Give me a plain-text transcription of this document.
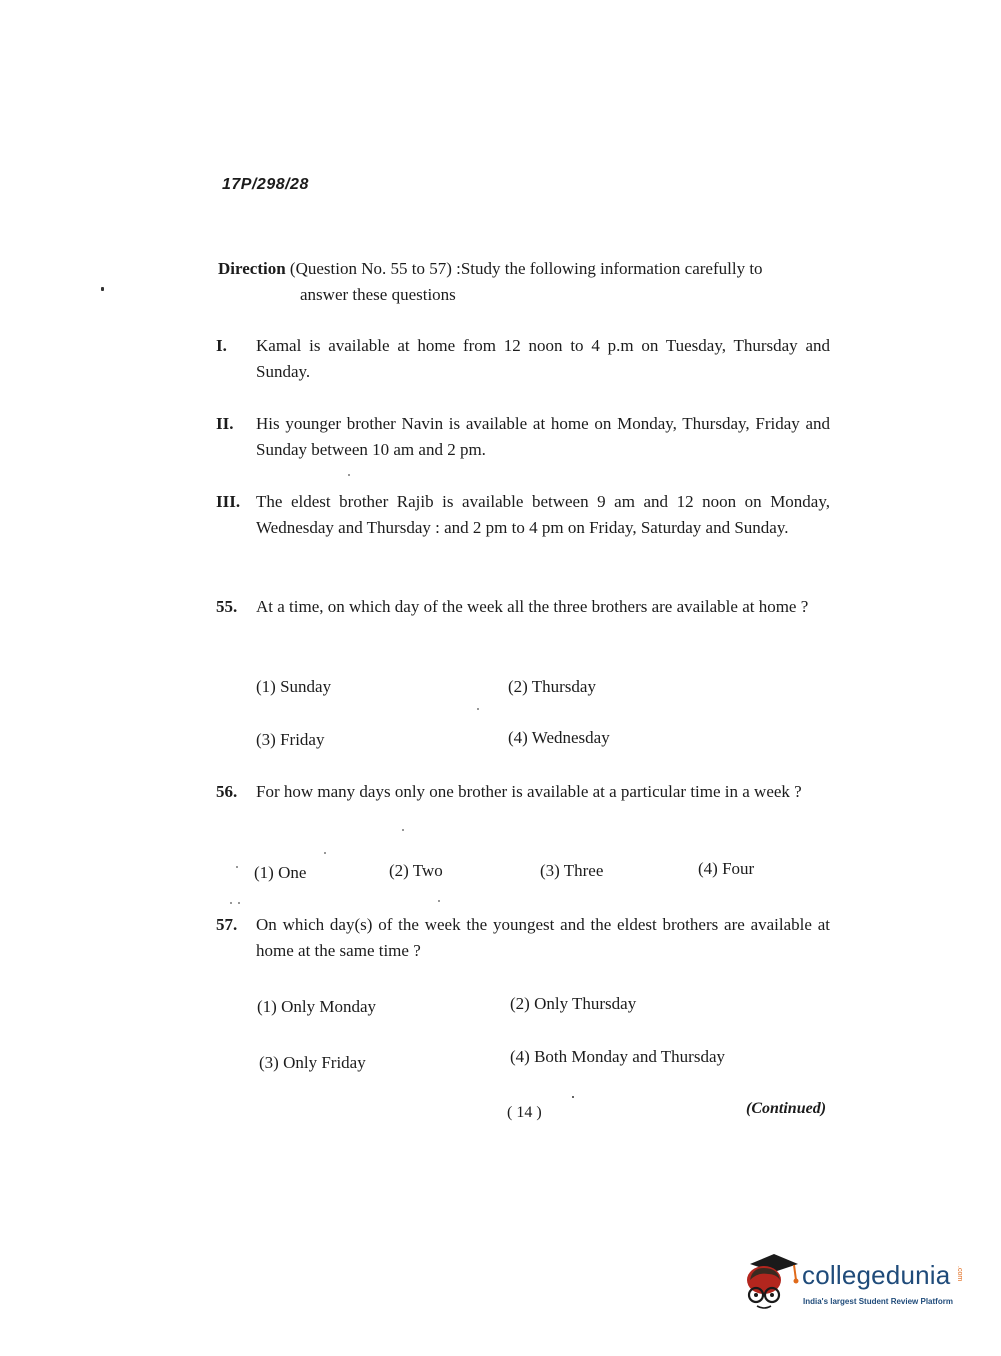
17P/298/28
Direction (Question No. 55 to 57) :Study the following information carefully to
answer these questions
I.	Kamal is available at home from 12 noon to 4 p.m on Tuesday, Thursday and Sunday.
II.	His younger brother Navin is available at home on Monday, Thursday, Friday and Sunday between 10 am and 2 pm.
III. The eldest brother Rajib is available between 9 am and 12 noon on Monday, Wednesday and Thursday : and 2 pm to 4 pm on Friday, Saturday and Sunday.
55.	At a time, on which day of the week all the three brothers are available at home ?
(1) Sunday	(2) Thursday
(3) Friday	(4) Wednesday
56.	For how many days only one brother is available at a particular time in a week ?
(1) One	(2) Two	(3) Three	(4) Four
57.	On which day(s) of the week the youngest and the eldest brothers are available at home at the same time ?
(1) Only Monday	(2) Only Thursday
(3) Only Friday	(4) Both Monday and Thursday
( 14 )	(Continued)
collegedunia .com
India's largest Student Review Platform
